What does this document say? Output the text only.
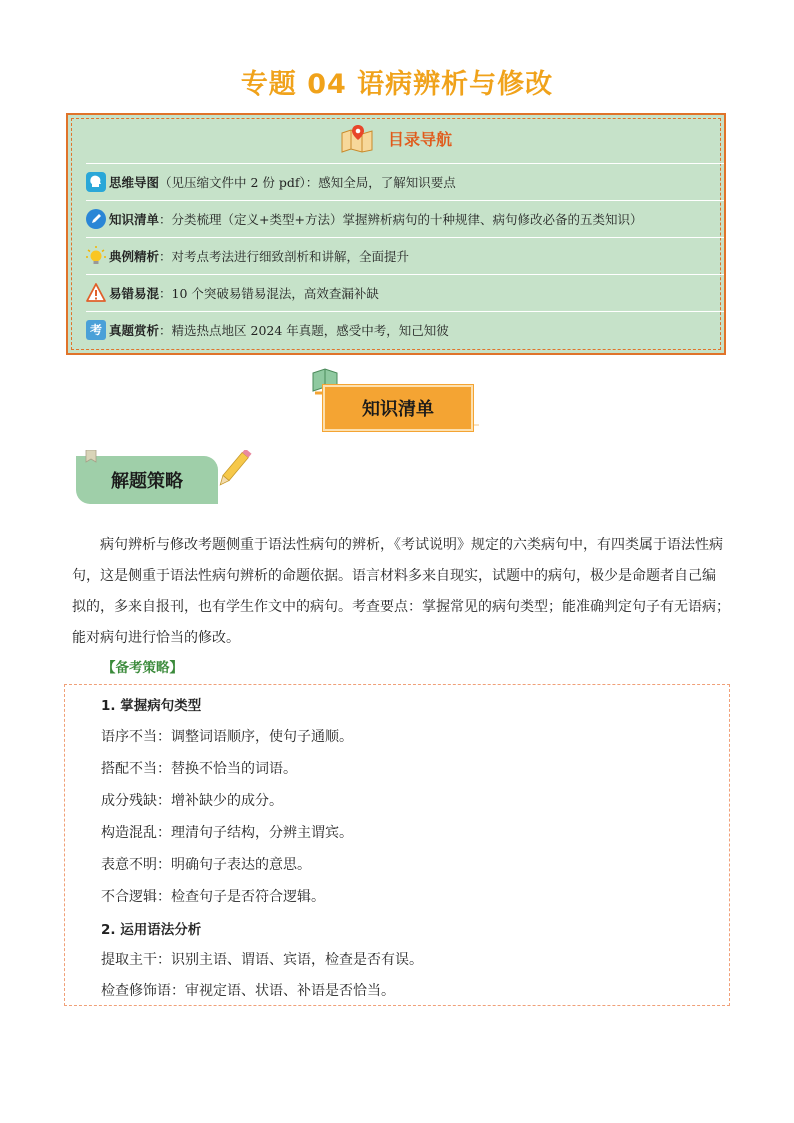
专题 04 语病辨析与修改
目录导航
思维导图 （见压缩文件中 2 份 pdf）：感知全局，了解知识要点
知识清单 ：分类梳理（定义+类型+方法）掌握辨析病句的十种规律、病句修改必备的五类知识）
典例精析 ：对考点考法进行细致剖析和讲解，全面提升
易错易混 ：10 个突破易错易混法，高效查漏补缺
考 真题赏析 ：精选热点地区 2024 年真题，感受中考，知己知彼
知识清单
解题策略
病句辨析与修改考题侧重于语法性病句的辨析，《考试说明》规定的六类病句中，有四类属于语法性病
句，这是侧重于语法性病句辨析的命题依据。语言材料多来自现实，试题中的病句，极少是命题者自己编
拟的，多来自报刊，也有学生作文中的病句。考查要点：掌握常见的病句类型；能准确判定句子有无语病；
能对病句进行恰当的修改。
【备考策略】
1. 掌握病句类型
语序不当：调整词语顺序，使句子通顺。
搭配不当：替换不恰当的词语。
成分残缺：增补缺少的成分。
构造混乱：理清句子结构，分辨主谓宾。
表意不明：明确句子表达的意思。
不合逻辑：检查句子是否符合逻辑。
2. 运用语法分析
提取主干：识别主语、谓语、宾语，检查是否有误。
检查修饰语：审视定语、状语、补语是否恰当。
